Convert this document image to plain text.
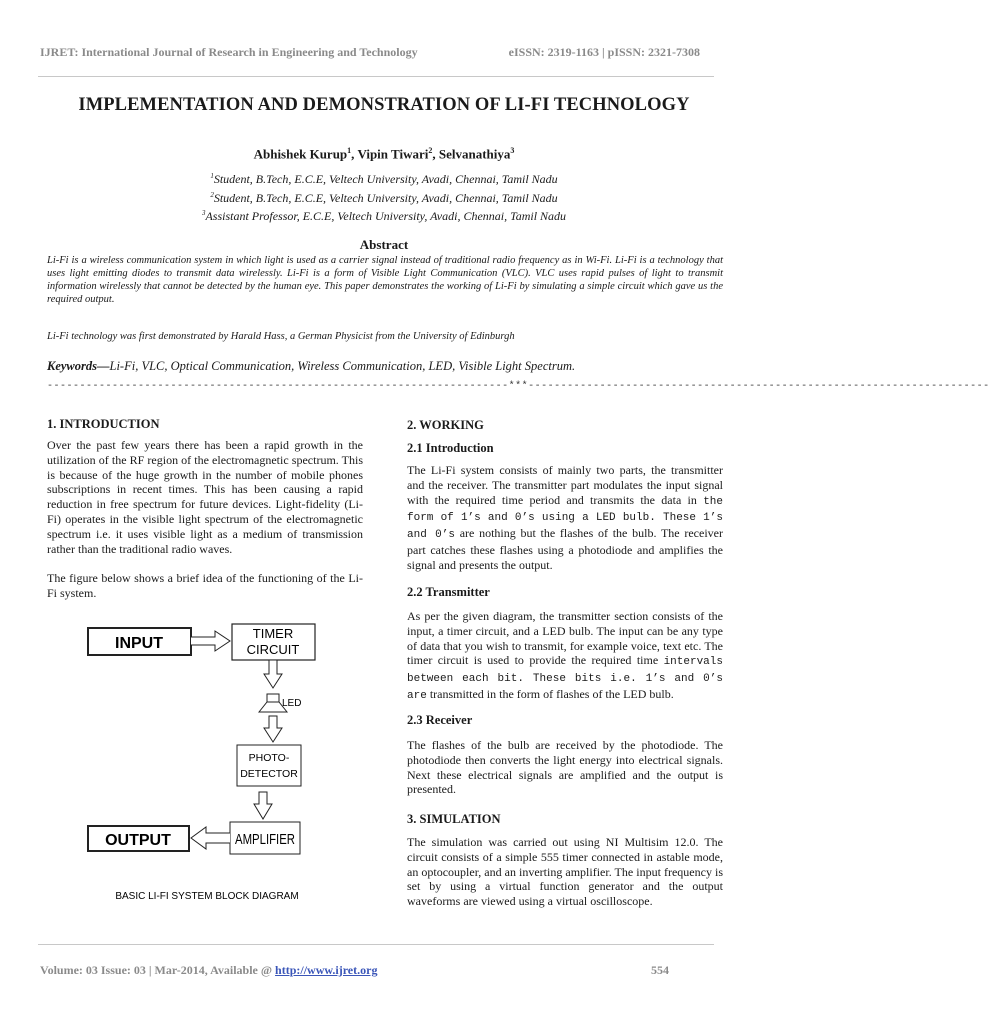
IJRET: International Journal of Research in Engineering and Technology	eISSN: 2319-1163 | pISSN: 2321-7308
IMPLEMENTATION AND DEMONSTRATION OF LI-FI TECHNOLOGY
Abhishek Kurup$^1$, Vipin Tiwari$^2$, Selvanathiya$^3$
$^1$Student, B.Tech, E.C.E, Veltech University, Avadi, Chennai, Tamil Nadu
$^2$Student, B.Tech, E.C.E, Veltech University, Avadi, Chennai, Tamil Nadu
$^3$Assistant Professor, E.C.E, Veltech University, Avadi, Chennai, Tamil Nadu
Abstract
Li-Fi is a wireless communication system in which light is used as a carrier signal instead of traditional radio frequency as in Wi-Fi. Li-Fi is a technology that uses light emitting diodes to transmit data wirelessly. Li-Fi is a form of Visible Light Communication (VLC). VLC uses rapid pulses of light to transmit information wirelessly that cannot be detected by the human eye. This paper demonstrates the working of Li-Fi by simulating a simple circuit which gave us the required output.
Li-Fi technology was first demonstrated by Harald Hass, a German Physicist from the University of Edinburgh
Keywords—Li-Fi, VLC, Optical Communication, Wireless Communication, LED, Visible Light Spectrum.
-----------------------------------------------------------------------***-----------------------------------------------------------------------
1. INTRODUCTION

Over the past few years there has been a rapid growth in the utilization of the RF region of the electromagnetic spectrum. This is because of the huge growth in the number of mobile phones subscriptions in recent times. This has been causing a rapid reduction in free spectrum for future devices. Light-fidelity (Li-Fi) operates in the visible light spectrum of the electromagnetic spectrum i.e. it uses visible light as a medium of transmission rather than the traditional radio waves.

The figure below shows a brief idea of the functioning of the Li-Fi system.

INPUT
TIMER
CIRCUIT
LED
PHOTO-
DETECTOR
AMPLIFIER
OUTPUT
BASIC LI-FI SYSTEM BLOCK DIAGRAM
2. WORKING
2.1 Introduction

The Li-Fi system consists of mainly two parts, the transmitter and the receiver. The transmitter part modulates the input signal with the required time period and transmits the data in the form of 1’s and 0’s using a LED bulb. These 1’s and 0’s are nothing but the flashes of the bulb. The receiver part catches these flashes using a photodiode and amplifies the signal and presents the output.

2.2 Transmitter

As per the given diagram, the transmitter section consists of the input, a timer circuit, and a LED bulb. The input can be any type of data that you wish to transmit, for example voice, text etc. The timer circuit is used to provide the required time intervals between each bit. These bits i.e. 1’s and 0’s are transmitted in the form of flashes of the LED bulb.

2.3 Receiver

The flashes of the bulb are received by the photodiode. The photodiode then converts the light energy into electrical signals. Next these electrical signals are amplified and the output is presented.

3. SIMULATION

The simulation was carried out using NI Multisim 12.0. The circuit consists of a simple 555 timer connected in astable mode, an optocoupler, and an inverting amplifier. The input frequency is set by using a virtual function generator and the output waveforms are viewed using a virtual oscilloscope.

Volume: 03 Issue: 03 | Mar-2014, Available @ http://www.ijret.org	554
